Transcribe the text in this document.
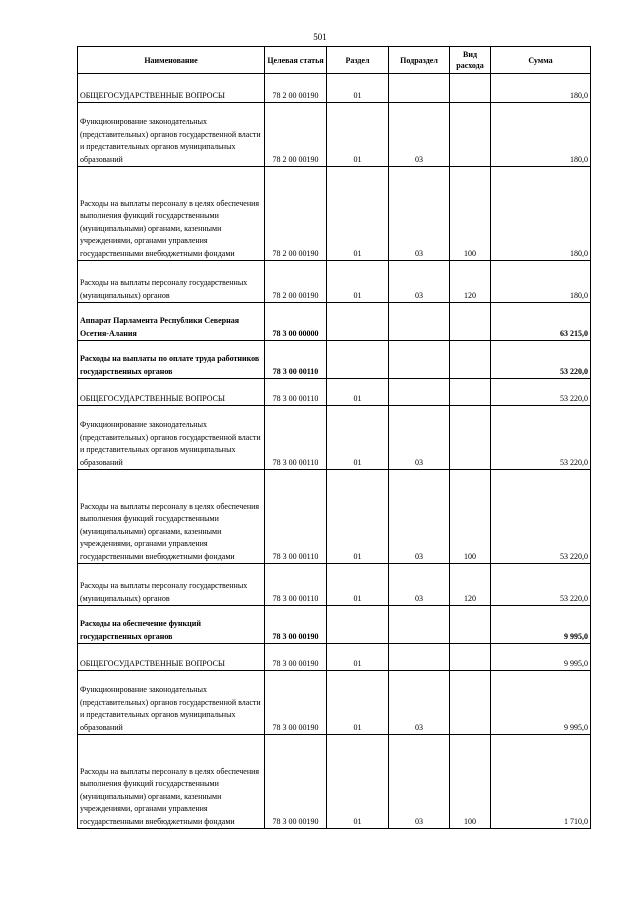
501
Наименование	Целевая статья	Раздел	Подраздел	Вид расхода	Сумма
ОБЩЕГОСУДАРСТВЕННЫЕ ВОПРОСЫ	78 2 00 00190	01			180,0
Функционирование законодательных (представительных) органов государственной власти и представительных органов муниципальных образований	78 2 00 00190	01	03		180,0
Расходы на выплаты персоналу в целях обеспечения выполнения функций государственными (муниципальными) органами, казенными учреждениями, органами управления государственными внебюджетными фондами	78 2 00 00190	01	03	100	180,0
Расходы на выплаты персоналу государственных (муниципальных) органов	78 2 00 00190	01	03	120	180,0
Аппарат Парламента Республики Северная Осетия-Алания	78 3 00 00000				63 215,0
Расходы на выплаты по оплате труда работников государственных органов	78 3 00 00110				53 220,0
ОБЩЕГОСУДАРСТВЕННЫЕ ВОПРОСЫ	78 3 00 00110	01			53 220,0
Функционирование законодательных (представительных) органов государственной власти и представительных органов муниципальных образований	78 3 00 00110	01	03		53 220,0
Расходы на выплаты персоналу в целях обеспечения выполнения функций государственными (муниципальными) органами, казенными учреждениями, органами управления государственными внебюджетными фондами	78 3 00 00110	01	03	100	53 220,0
Расходы на выплаты персоналу государственных (муниципальных) органов	78 3 00 00110	01	03	120	53 220,0
Расходы на обеспечение функций государственных органов	78 3 00 00190				9 995,0
ОБЩЕГОСУДАРСТВЕННЫЕ ВОПРОСЫ	78 3 00 00190	01			9 995,0
Функционирование законодательных (представительных) органов государственной власти и представительных органов муниципальных образований	78 3 00 00190	01	03		9 995,0
Расходы на выплаты персоналу в целях обеспечения выполнения функций государственными (муниципальными) органами, казенными учреждениями, органами управления государственными внебюджетными фондами	78 3 00 00190	01	03	100	1 710,0
